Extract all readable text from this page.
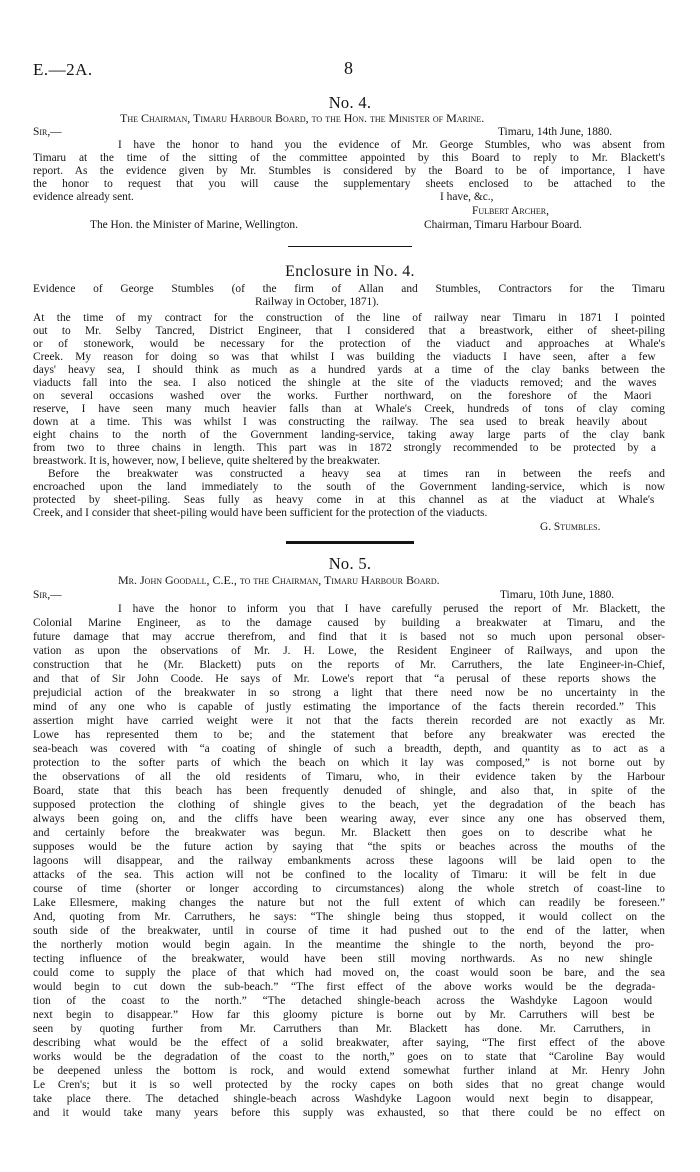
E.—2A.	8
No. 4.
The Chairman, Timaru Harbour Board, to the Hon. the Minister of Marine.
Sir,—	Timaru, 14th June, 1880.
I have the honor to hand you the evidence of Mr. George Stumbles, who was absent from
Timaru at the time of the sitting of the committee appointed by this Board to reply to Mr. Blackett's
report. As the evidence given by Mr. Stumbles is considered by the Board to be of importance, I have
the honor to request that you will cause the supplementary sheets enclosed to be attached to the
evidence already sent.	I have, &c.,
Fulbert Archer,
The Hon. the Minister of Marine, Wellington.	Chairman, Timaru Harbour Board.
Enclosure in No. 4.
Evidence of George Stumbles (of the firm of Allan and Stumbles, Contractors for the Timaru
Railway in October, 1871).
At the time of my contract for the construction of the line of railway near Timaru in 1871 I pointed
out to Mr. Selby Tancred, District Engineer, that I considered that a breastwork, either of sheet-piling
or of stonework, would be necessary for the protection of the viaduct and approaches at Whale's
Creek. My reason for doing so was that whilst I was building the viaducts I have seen, after a few
days' heavy sea, I should think as much as a hundred yards at a time of the clay banks between the
viaducts fall into the sea. I also noticed the shingle at the site of the viaducts removed; and the waves
on several occasions washed over the works. Further northward, on the foreshore of the Maori
reserve, I have seen many much heavier falls than at Whale's Creek, hundreds of tons of clay coming
down at a time. This was whilst I was constructing the railway. The sea used to break heavily about
eight chains to the north of the Government landing-service, taking away large parts of the clay bank
from two to three chains in length. This part was in 1872 strongly recommended to be protected by a
breastwork. It is, however, now, I believe, quite sheltered by the breakwater.
Before the breakwater was constructed a heavy sea at times ran in between the reefs and
encroached upon the land immediately to the south of the Government landing-service, which is now
protected by sheet-piling. Seas fully as heavy come in at this channel as at the viaduct at Whale's
Creek, and I consider that sheet-piling would have been sufficient for the protection of the viaducts.
G. Stumbles.
No. 5.
Mr. John Goodall, C.E., to the Chairman, Timaru Harbour Board.
Sir,—	Timaru, 10th June, 1880.
I have the honor to inform you that I have carefully perused the report of Mr. Blackett, the
Colonial Marine Engineer, as to the damage caused by building a breakwater at Timaru, and the
future damage that may accrue therefrom, and find that it is based not so much upon personal obser-
vation as upon the observations of Mr. J. H. Lowe, the Resident Engineer of Railways, and upon the
construction that he (Mr. Blackett) puts on the reports of Mr. Carruthers, the late Engineer-in-Chief,
and that of Sir John Coode. He says of Mr. Lowe's report that “a perusal of these reports shows the
prejudicial action of the breakwater in so strong a light that there need now be no uncertainty in the
mind of any one who is capable of justly estimating the importance of the facts therein recorded.” This
assertion might have carried weight were it not that the facts therein recorded are not exactly as Mr.
Lowe has represented them to be; and the statement that before any breakwater was erected the
sea-beach was covered with “a coating of shingle of such a breadth, depth, and quantity as to act as a
protection to the softer parts of which the beach on which it lay was composed,” is not borne out by
the observations of all the old residents of Timaru, who, in their evidence taken by the Harbour
Board, state that this beach has been frequently denuded of shingle, and also that, in spite of the
supposed protection the clothing of shingle gives to the beach, yet the degradation of the beach has
always been going on, and the cliffs have been wearing away, ever since any one has observed them,
and certainly before the breakwater was begun. Mr. Blackett then goes on to describe what he
supposes would be the future action by saying that “the spits or beaches across the mouths of the
lagoons will disappear, and the railway embankments across these lagoons will be laid open to the
attacks of the sea. This action will not be confined to the locality of Timaru: it will be felt in due
course of time (shorter or longer according to circumstances) along the whole stretch of coast-line to
Lake Ellesmere, making changes the nature but not the full extent of which can readily be foreseen.”
And, quoting from Mr. Carruthers, he says: “The shingle being thus stopped, it would collect on the
south side of the breakwater, until in course of time it had pushed out to the end of the latter, when
the northerly motion would begin again. In the meantime the shingle to the north, beyond the pro-
tecting influence of the breakwater, would have been still moving northwards. As no new shingle
could come to supply the place of that which had moved on, the coast would soon be bare, and the sea
would begin to cut down the sub-beach.” “The first effect of the above works would be the degrada-
tion of the coast to the north.” “The detached shingle-beach across the Washdyke Lagoon would
next begin to disappear.” How far this gloomy picture is borne out by Mr. Carruthers will best be
seen by quoting further from Mr. Carruthers than Mr. Blackett has done. Mr. Carruthers, in
describing what would be the effect of a solid breakwater, after saying, “The first effect of the above
works would be the degradation of the coast to the north,” goes on to state that “Caroline Bay would
be deepened unless the bottom is rock, and would extend somewhat further inland at Mr. Henry John
Le Cren's; but it is so well protected by the rocky capes on both sides that no great change would
take place there. The detached shingle-beach across Washdyke Lagoon would next begin to disappear,
and it would take many years before this supply was exhausted, so that there could be no effect on
